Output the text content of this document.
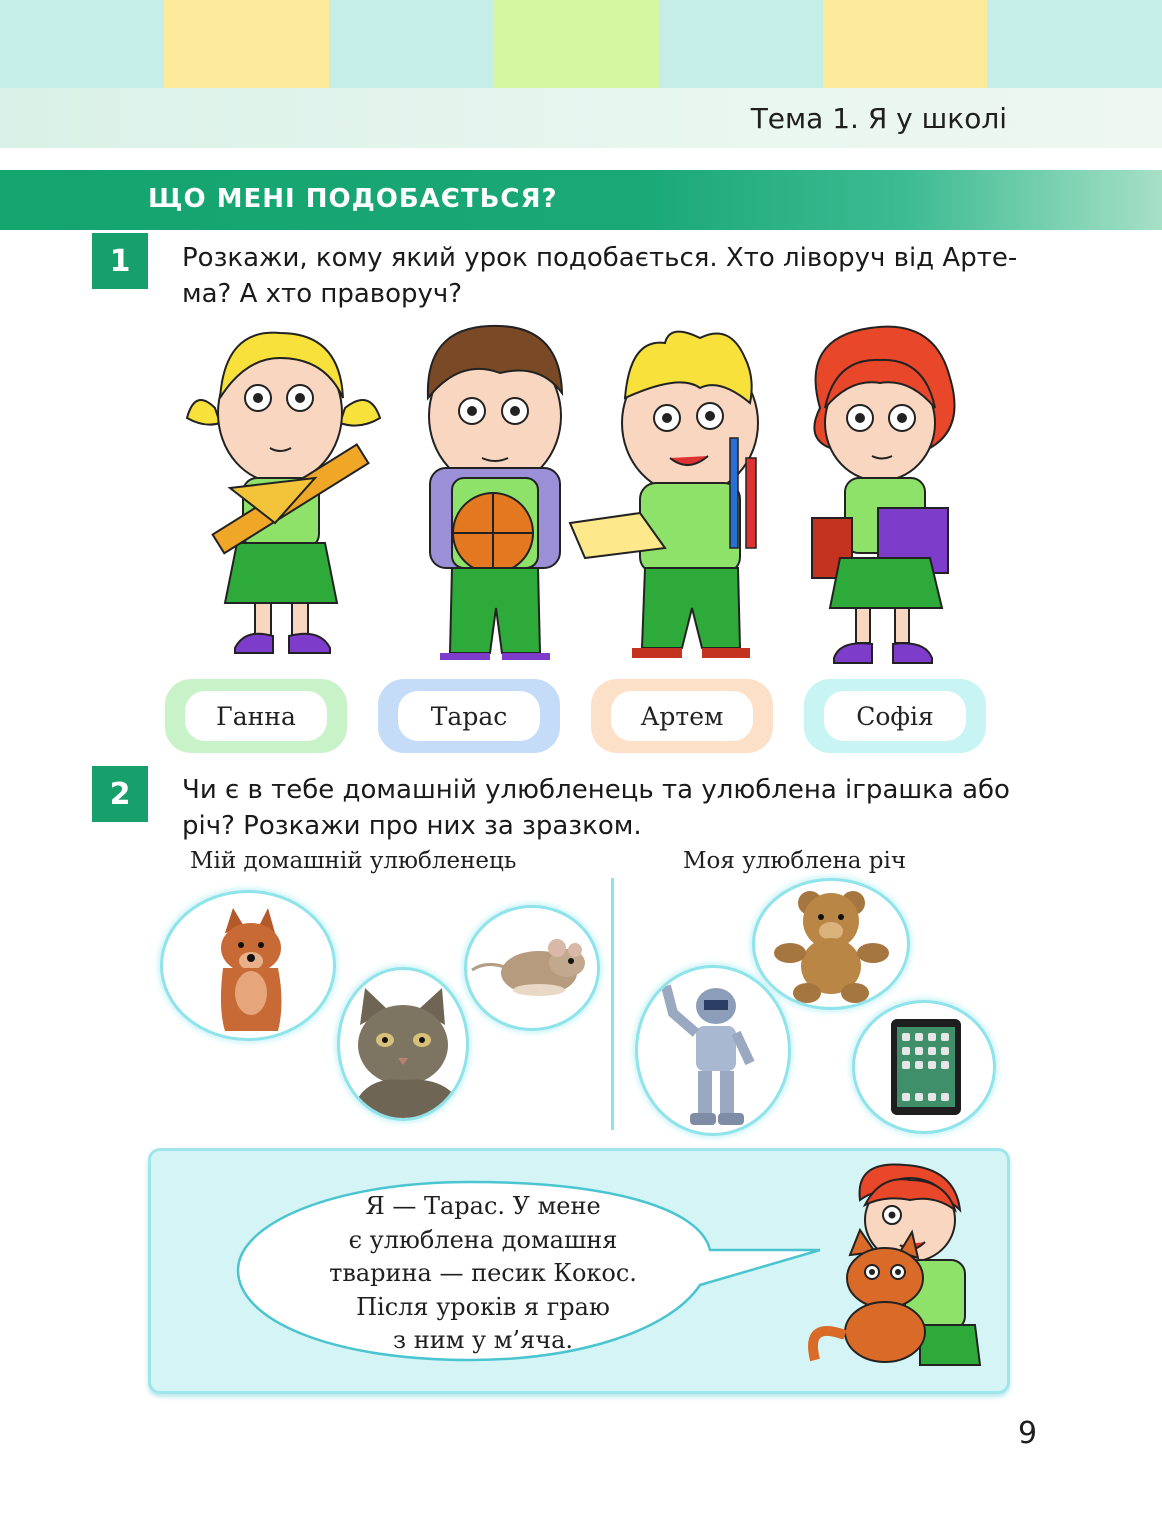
Тема 1. Я у школі
ЩО МЕНІ ПОДОБАЄТЬСЯ?
1	Розкажи, кому який урок подобається. Хто ліворуч від Арте-
ма? А хто праворуч?
Ганна	Тарас	Артем	Софія
2	Чи є в тебе домашній улюбленець та улюблена іграшка або
річ? Розкажи про них за зразком.
Мій домашній улюбленець	Моя улюблена річ
Я — Тарас. У мене
є улюблена домашня
тварина — песик Кокос.
Після уроків я граю
з ним у м’яча.
9
